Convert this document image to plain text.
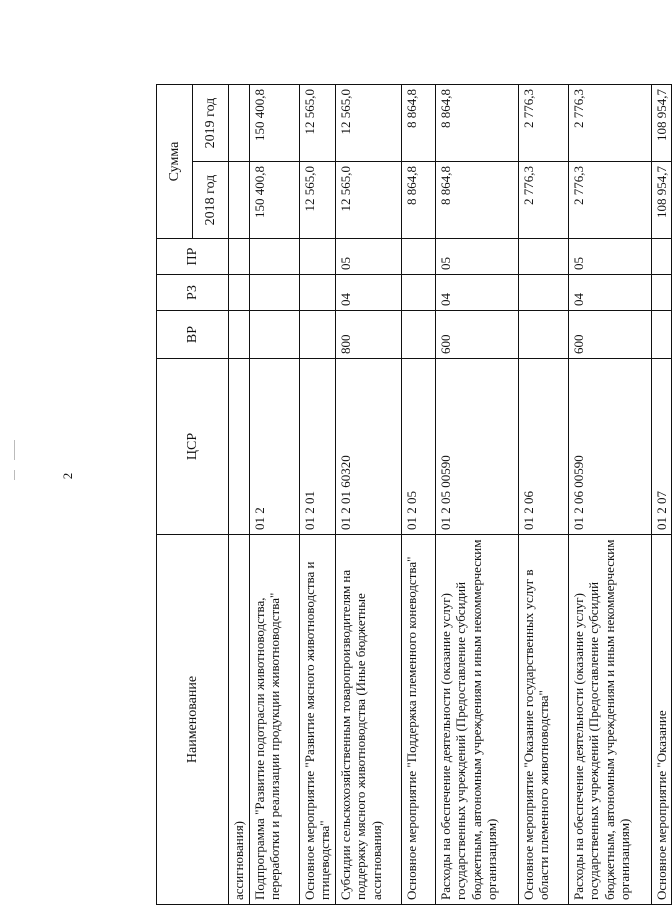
2
Наименование	ЦСР	ВР	РЗ	ПР	Сумма	
					2018 год	2019 год
ассигнования)						
Подпрограмма "Развитие подотрасли животноводства, переработки и реализации продукции животноводства"	01 2				150 400,8	150 400,8
Основное мероприятие "Развитие мясного животноводства и птицеводства"	01 2 01				12 565,0	12 565,0
Субсидии сельскохозяйственным товаропроизводителям на поддержку мясного животноводства (Иные бюджетные ассигнования)	01 2 01 60320	800	04	05	12 565,0	12 565,0
Основное мероприятие "Поддержка племенного коневодства"	01 2 05				8 864,8	8 864,8
Расходы на обеспечение деятельности (оказание услуг) государственных учреждений (Предоставление субсидий бюджетным, автономным учреждениям и иным некоммерческим организациям)	01 2 05 00590	600	04	05	8 864,8	8 864,8
Основное мероприятие "Оказание государственных услуг в области племенного животноводства"	01 2 06				2 776,3	2 776,3
Расходы на обеспечение деятельности (оказание услуг) государственных учреждений (Предоставление субсидий бюджетным, автономным учреждениям и иным некоммерческим организациям)	01 2 06 00590	600	04	05	2 776,3	2 776,3
Основное мероприятие "Оказание	01 2 07				108 954,7	108 954,7
